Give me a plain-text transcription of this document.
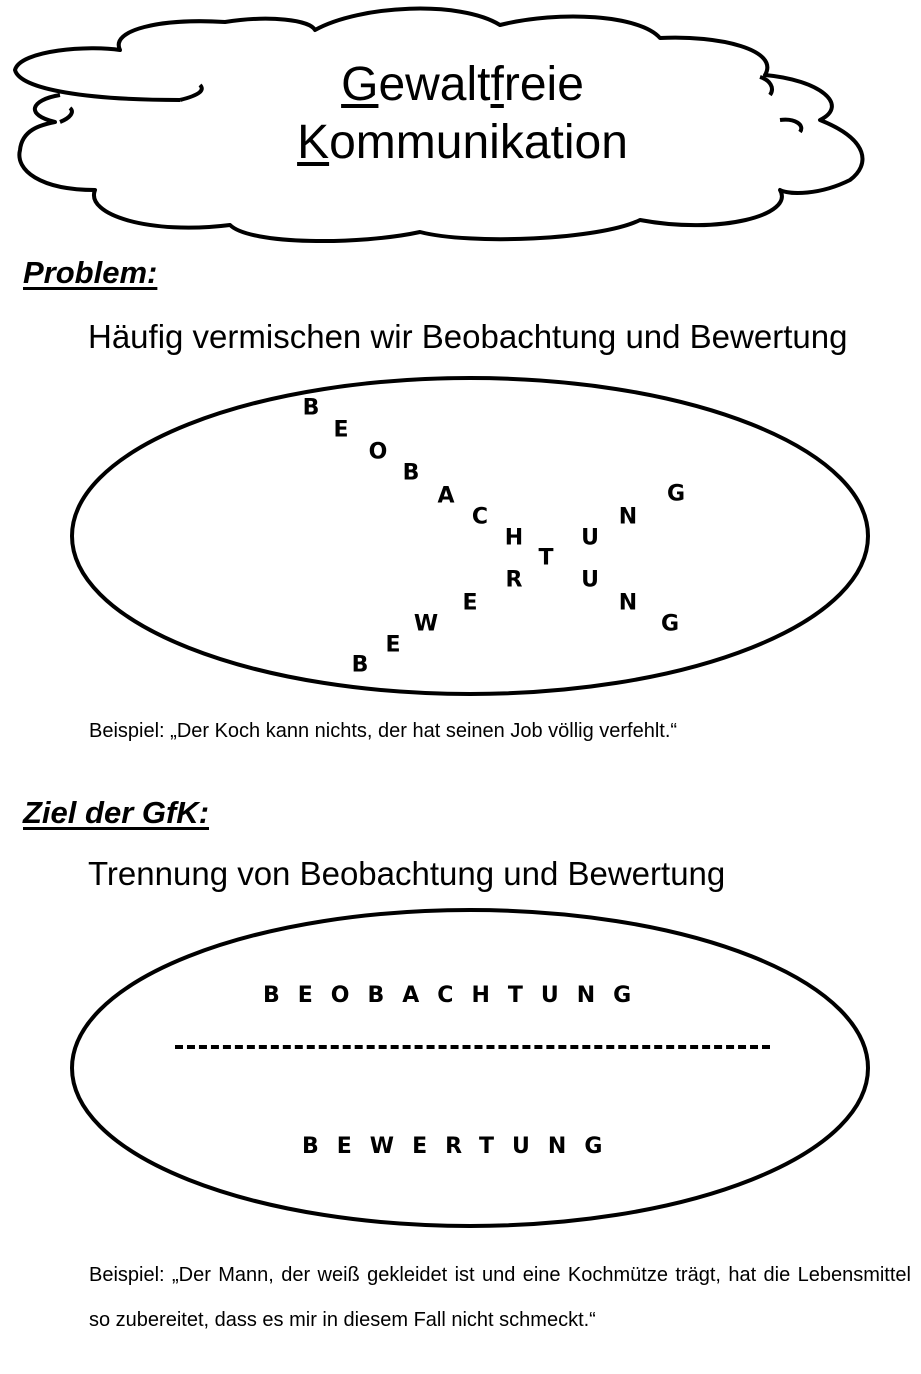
Gewaltfreie
Kommunikation
Problem:
Häufig vermischen wir Beobachtung und Bewertung
B
E
O
B
A
C
H
T
U
N
G
B
E
W
E
R	U
N
G
Beispiel: „Der Koch kann nichts, der hat seinen Job völlig verfehlt.“
Ziel der GfK:
Trennung von Beobachtung und Bewertung
BEOBACHTUNG
BEWERTUNG
Beispiel: „Der Mann, der weiß gekleidet ist und eine Kochmütze trägt, hat die Lebensmittel so zubereitet, dass es mir in diesem Fall nicht schmeckt.“
